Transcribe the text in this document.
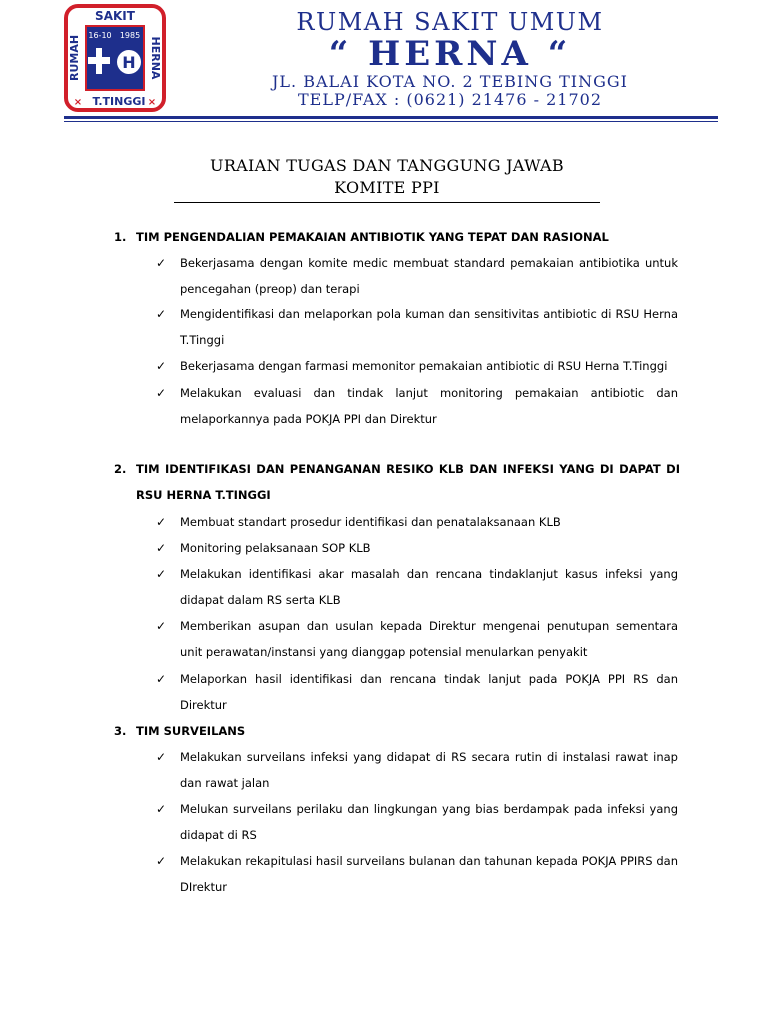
SAKIT
RUMAH	HERNA
T.TINGGI
×	×
16-10 1985
H
RUMAH SAKIT UMUM
“ HERNA “
JL. BALAI KOTA NO. 2 TEBING TINGGI
TELP/FAX : (0621) 21476 - 21702
URAIAN TUGAS DAN TANGGUNG JAWAB
KOMITE PPI
1. TIM PENGENDALIAN PEMAKAIAN ANTIBIOTIK YANG TEPAT DAN RASIONAL
✓ Bekerjasama dengan komite medic membuat standard pemakaian antibiotika untuk pencegahan (preop) dan terapi
✓ Mengidentifikasi dan melaporkan pola kuman dan sensitivitas antibiotic di RSU Herna T.Tinggi
✓ Bekerjasama dengan farmasi memonitor pemakaian antibiotic di RSU Herna T.Tinggi
✓ Melakukan evaluasi dan tindak lanjut monitoring pemakaian antibiotic dan melaporkannya pada POKJA PPI dan Direktur
2. TIM IDENTIFIKASI DAN PENANGANAN RESIKO KLB DAN INFEKSI YANG DI DAPAT DI RSU HERNA T.TINGGI
✓ Membuat standart prosedur identifikasi dan penatalaksanaan KLB
✓ Monitoring pelaksanaan SOP KLB
✓ Melakukan identifikasi akar masalah dan rencana tindaklanjut kasus infeksi yang didapat dalam RS serta KLB
✓ Memberikan asupan dan usulan kepada Direktur mengenai penutupan sementara unit perawatan/instansi yang dianggap potensial menularkan penyakit
✓ Melaporkan hasil identifikasi dan rencana tindak lanjut pada POKJA PPI RS dan Direktur
3. TIM SURVEILANS
✓ Melakukan surveilans infeksi yang didapat di RS secara rutin di instalasi rawat inap dan rawat jalan
✓ Melukan surveilans perilaku dan lingkungan yang bias berdampak pada infeksi yang didapat di RS
✓ Melakukan rekapitulasi hasil surveilans bulanan dan tahunan kepada POKJA PPIRS dan DIrektur
